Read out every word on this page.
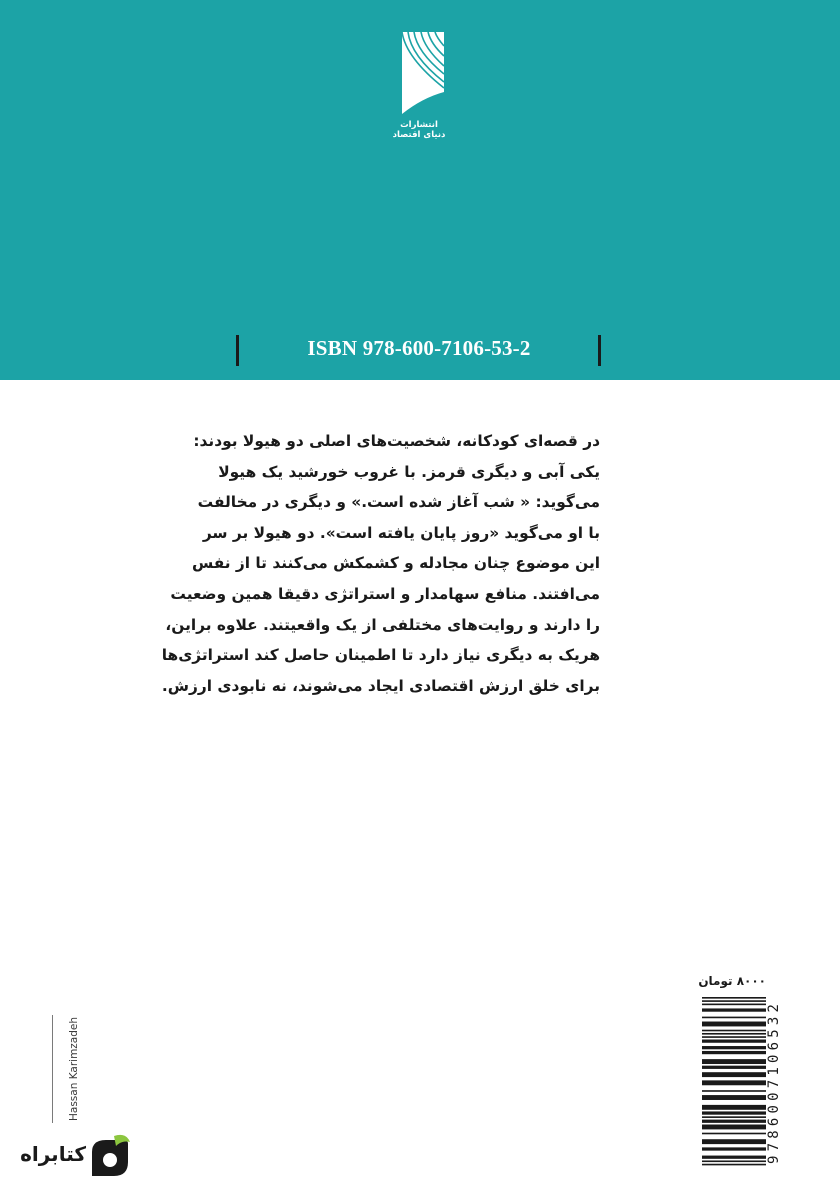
انتشارات
دنیای اقتصاد
ISBN 978-600-7106-53-2
در قصه‌ای کودکانه، شخصیت‌های اصلی دو هیولا بودند:
یکی آبی و دیگری قرمز. با غروب خورشید یک هیولا
می‌گوید: « شب آغاز شده است.» و دیگری در مخالفت
با او می‌گوید «روز پایان یافته است». دو هیولا بر سر
این موضوع چنان مجادله و کشمکش می‌کنند تا از نفس
می‌افتند. منافع سهامدار و استراتژی دقیقا همین وضعیت
را دارند و روایت‌های مختلفی از یک واقعیتند. علاوه براین،
هریک به دیگری نیاز دارد تا اطمینان حاصل کند استراتژی‌ها
برای خلق ارزش اقتصادی ایجاد می‌شوند، نه نابودی ارزش.
۸۰۰۰ تومان
9786007106532
Hassan Karimzadeh
کتابراه
